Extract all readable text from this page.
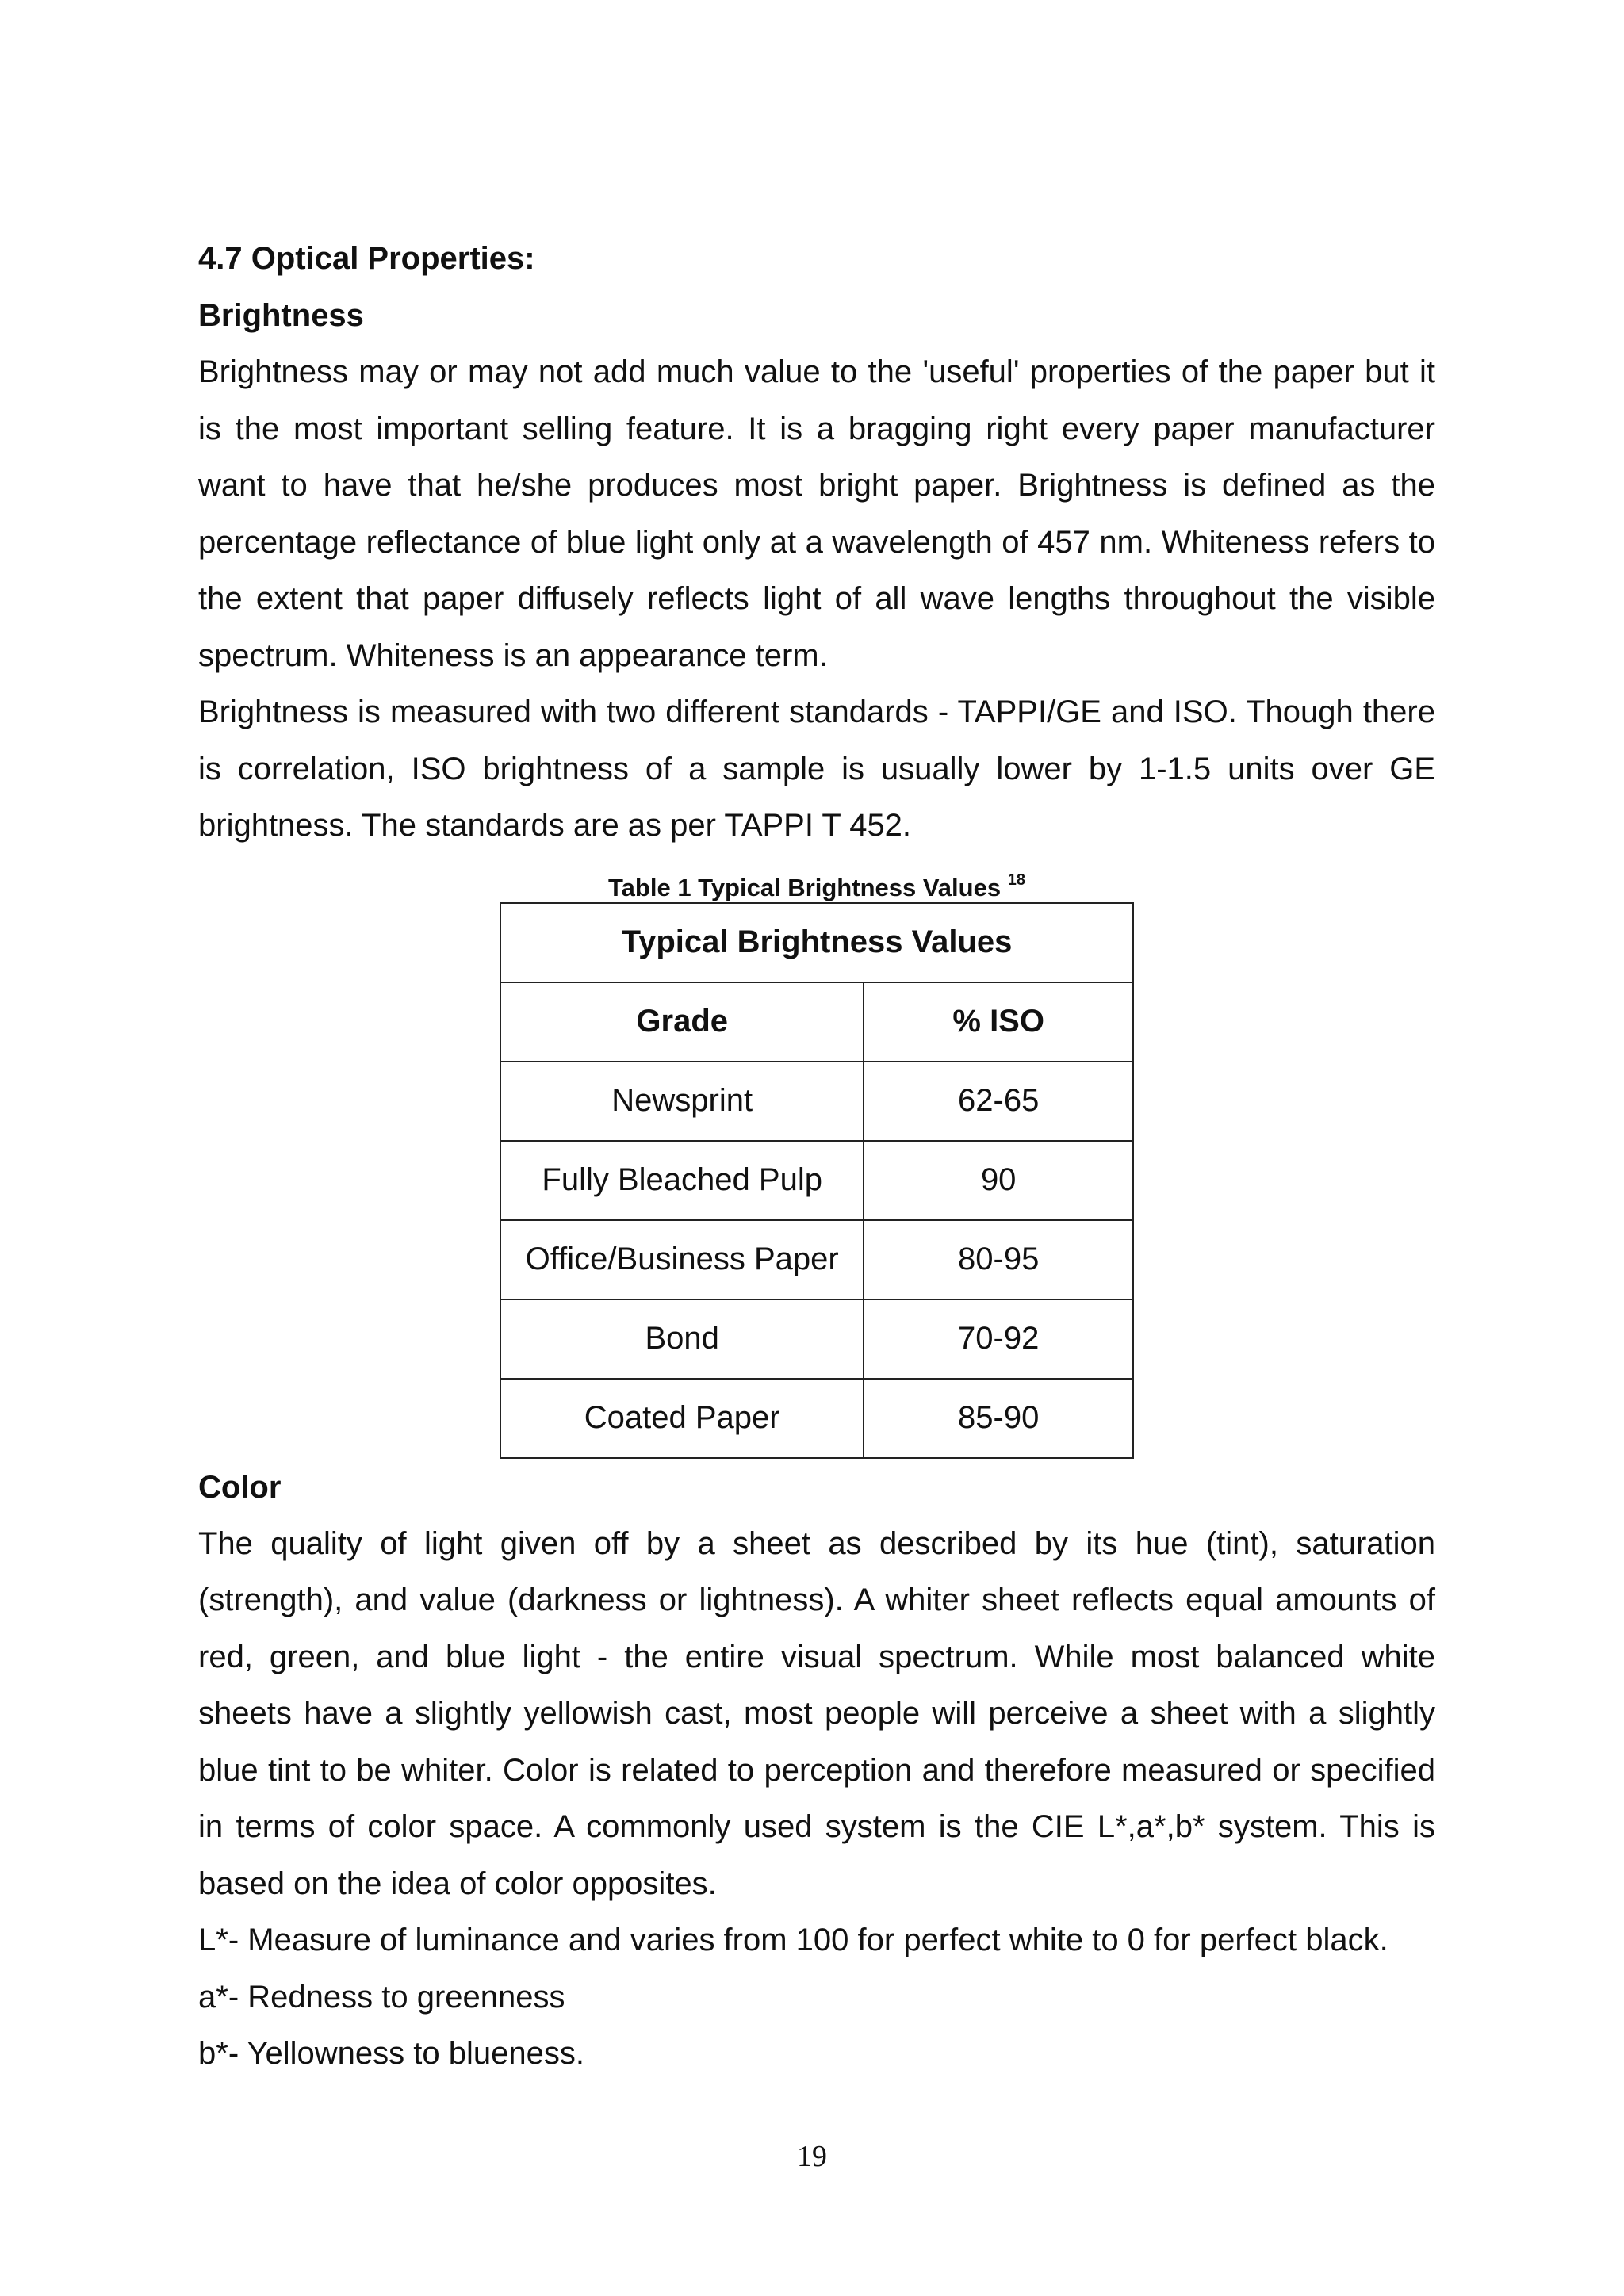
4.7 Optical Properties:

Brightness

Brightness may or may not add much value to the 'useful' properties of the paper but it is the most important selling feature. It is a bragging right every paper manufacturer want to have that he/she produces most bright paper. Brightness is defined as the percentage reflectance of blue light only at a wavelength of 457 nm. Whiteness refers to the extent that paper diffusely reflects light of all wave lengths throughout the visible spectrum. Whiteness is an appearance term.

Brightness is measured with two different standards - TAPPI/GE and ISO. Though there is correlation, ISO brightness of a sample is usually lower by 1-1.5 units over GE brightness. The standards are as per TAPPI T 452.

Table 1 Typical Brightness Values $^{18}$
Typical Brightness Values	
Grade	% ISO
Newsprint	62-65
Fully Bleached Pulp	90
Office/Business Paper	80-95
Bond	70-92
Coated Paper	85-90

Color

The quality of light given off by a sheet as described by its hue (tint), saturation (strength), and value (darkness or lightness). A whiter sheet reflects equal amounts of red, green, and blue light - the entire visual spectrum. While most balanced white sheets have a slightly yellowish cast, most people will perceive a sheet with a slightly blue tint to be whiter. Color is related to perception and therefore measured or specified in terms of color space. A commonly used system is the CIE L*,a*,b* system. This is based on the idea of color opposites.

L*- Measure of luminance and varies from 100 for perfect white to 0 for perfect black.

a*- Redness to greenness

b*- Yellowness to blueness.

19
